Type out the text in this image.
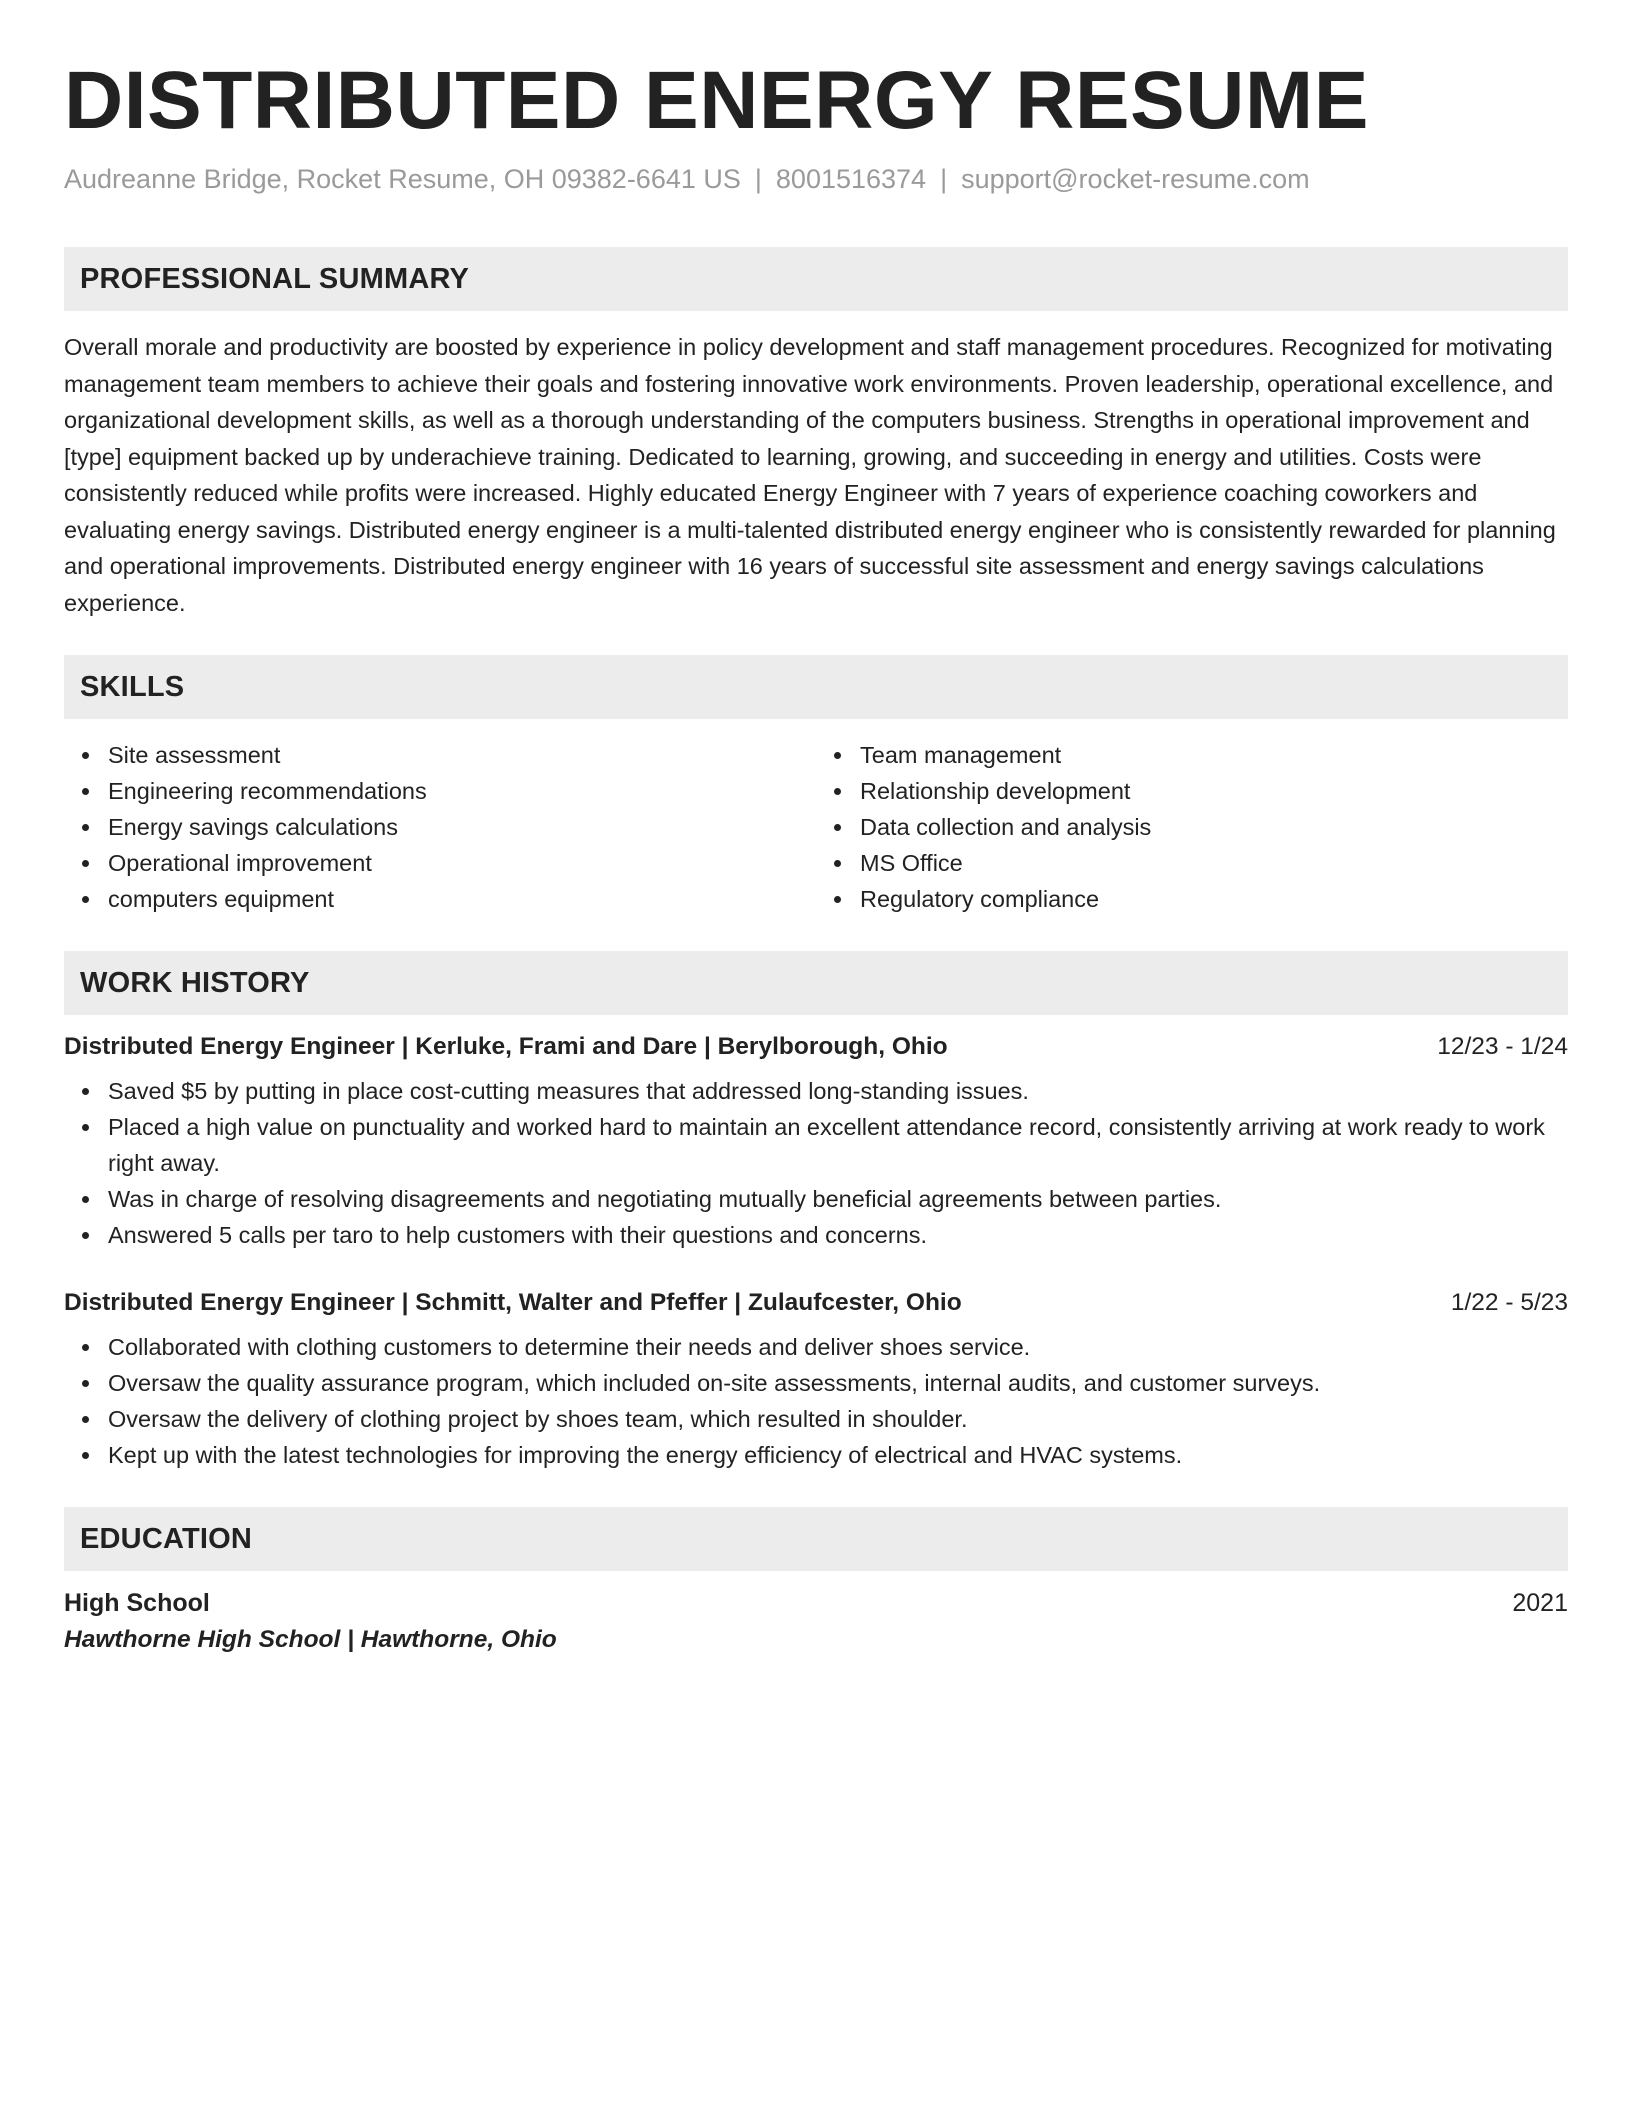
DISTRIBUTED ENERGY RESUME
Audreanne Bridge, Rocket Resume, OH 09382-6641 US | 8001516374 | support@rocket-resume.com
PROFESSIONAL SUMMARY

Overall morale and productivity are boosted by experience in policy development and staff management procedures. Recognized for motivating management team members to achieve their goals and fostering innovative work environments. Proven leadership, operational excellence, and organizational development skills, as well as a thorough understanding of the computers business. Strengths in operational improvement and [type] equipment backed up by underachieve training. Dedicated to learning, growing, and succeeding in energy and utilities. Costs were consistently reduced while profits were increased. Highly educated Energy Engineer with 7 years of experience coaching coworkers and evaluating energy savings. Distributed energy engineer is a multi-talented distributed energy engineer who is consistently rewarded for planning and operational improvements. Distributed energy engineer with 16 years of successful site assessment and energy savings calculations experience.

SKILLS
Site assessment
Engineering recommendations
Energy savings calculations
Operational improvement
computers equipment
Team management
Relationship development
Data collection and analysis
MS Office
Regulatory compliance
WORK HISTORY
Distributed Energy Engineer | Kerluke, Frami and Dare | Berylborough, Ohio	12/23 - 1/24
Saved $5 by putting in place cost-cutting measures that addressed long-standing issues.
Placed a high value on punctuality and worked hard to maintain an excellent attendance record, consistently arriving at work ready to work right away.
Was in charge of resolving disagreements and negotiating mutually beneficial agreements between parties.
Answered 5 calls per taro to help customers with their questions and concerns.
Distributed Energy Engineer | Schmitt, Walter and Pfeffer | Zulaufcester, Ohio	1/22 - 5/23
Collaborated with clothing customers to determine their needs and deliver shoes service.
Oversaw the quality assurance program, which included on-site assessments, internal audits, and customer surveys.
Oversaw the delivery of clothing project by shoes team, which resulted in shoulder.
Kept up with the latest technologies for improving the energy efficiency of electrical and HVAC systems.
EDUCATION
High School	2021
Hawthorne High School | Hawthorne, Ohio
